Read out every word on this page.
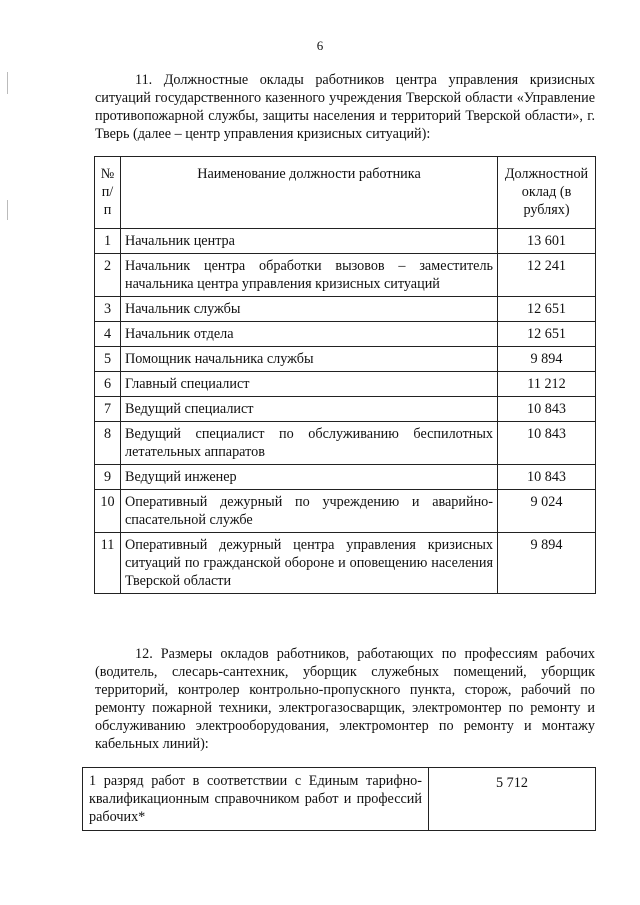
6
11. Должностные оклады работников центра управления кризисных ситуаций государственного казенного учреждения Тверской области «Управление противопожарной службы, защиты населения и территорий Тверской области», г. Тверь (далее – центр управления кризисных ситуаций):
№ п/п	Наименование должности работника	Должностной оклад (в рублях)
1	Начальник центра	13 601
2	Начальник центра обработки вызовов – заместитель начальника центра управления кризисных ситуаций	12 241
3	Начальник службы	12 651
4	Начальник отдела	12 651
5	Помощник начальника службы	9 894
6	Главный специалист	11 212
7	Ведущий специалист	10 843
8	Ведущий специалист по обслуживанию беспилотных летательных аппаратов	10 843
9	Ведущий инженер	10 843
10	Оперативный дежурный по учреждению и аварийно-спасательной службе	9 024
11	Оперативный дежурный центра управления кризисных ситуаций по гражданской обороне и оповещению населения Тверской области	9 894
12. Размеры окладов работников, работающих по профессиям рабочих (водитель, слесарь-сантехник, уборщик служебных помещений, уборщик территорий, контролер контрольно-пропускного пункта, сторож, рабочий по ремонту пожарной техники, электрогазосварщик, электромонтер по ремонту и обслуживанию электрооборудования, электромонтер по ремонту и монтажу кабельных линий):
1 разряд работ в соответствии с Единым тарифно-квалификационным справочником работ и профессий рабочих*	5 712
